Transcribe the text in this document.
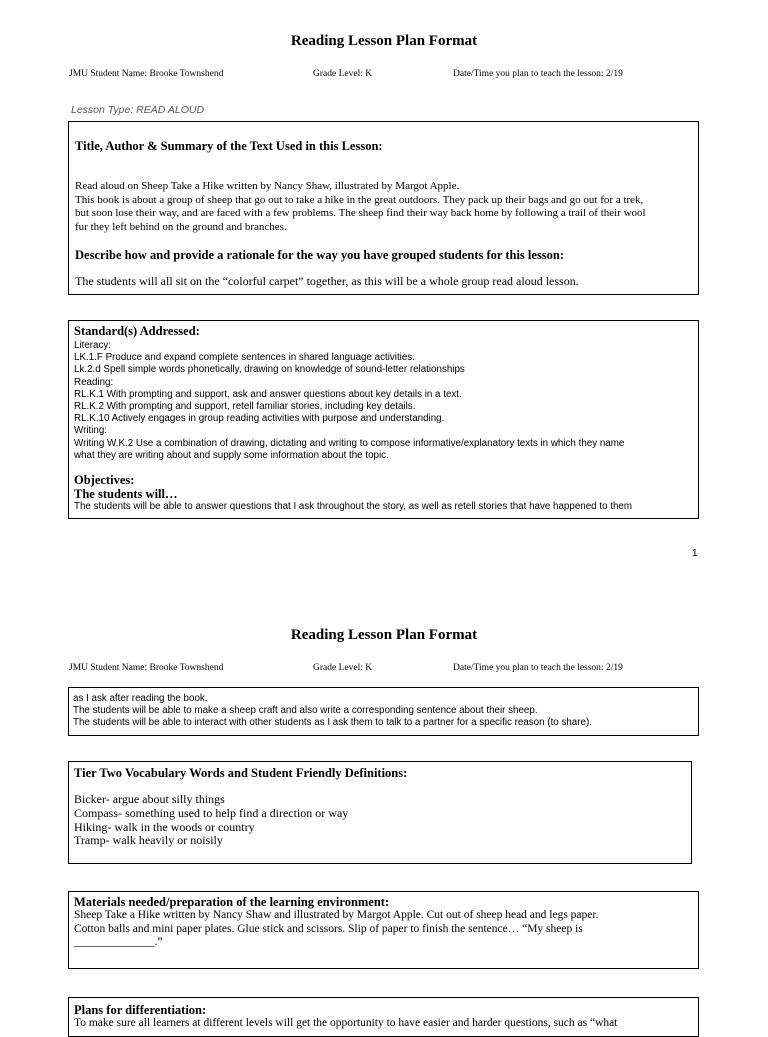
Reading Lesson Plan Format
JMU Student Name: Brooke Townshend	Grade Level: K	Date/Time you plan to teach the lesson: 2/19
Lesson Type: READ ALOUD
Title, Author & Summary of the Text Used in this Lesson:
Read aloud on Sheep Take a Hike written by Nancy Shaw, illustrated by Margot Apple.
This book is about a group of sheep that go out to take a hike in the great outdoors. They pack up their bags and go out for a trek,
but soon lose their way, and are faced with a few problems. The sheep find their way back home by following a trail of their wool
fur they left behind on the ground and branches.
Describe how and provide a rationale for the way you have grouped students for this lesson:
The students will all sit on the “colorful carpet” together, as this will be a whole group read aloud lesson.
Standard(s) Addressed:
Literacy:
LK.1.F Produce and expand complete sentences in shared language activities.
Lk.2.d Spell simple words phonetically, drawing on knowledge of sound-letter relationships
Reading:
RL.K.1 With prompting and support, ask and answer questions about key details in a text.
RL.K.2 With prompting and support, retell familiar stories, including key details.
RL.K.10 Actively engages in group reading activities with purpose and understanding.
Writing:
Writing W.K.2 Use a combination of drawing, dictating and writing to compose informative/explanatory texts in which they name
what they are writing about and supply some information about the topic.
Objectives:
The students will…
The students will be able to answer questions that I ask throughout the story, as well as retell stories that have happened to them
1
Reading Lesson Plan Format
JMU Student Name: Brooke Townshend	Grade Level: K	Date/Time you plan to teach the lesson: 2/19
as I ask after reading the book.
The students will be able to make a sheep craft and also write a corresponding sentence about their sheep.
The students will be able to interact with other students as I ask them to talk to a partner for a specific reason (to share).
Tier Two Vocabulary Words and Student Friendly Definitions:
Bicker- argue about silly things
Compass- something used to help find a direction or way
Hiking- walk in the woods or country
Tramp- walk heavily or noisily
Materials needed/preparation of the learning environment:
Sheep Take a Hike written by Nancy Shaw and illustrated by Margot Apple. Cut out of sheep head and legs paper.
Cotton balls and mini paper plates. Glue stick and scissors. Slip of paper to finish the sentence… “My sheep is
______________.”
Plans for differentiation:
To make sure all learners at different levels will get the opportunity to have easier and harder questions, such as “what
